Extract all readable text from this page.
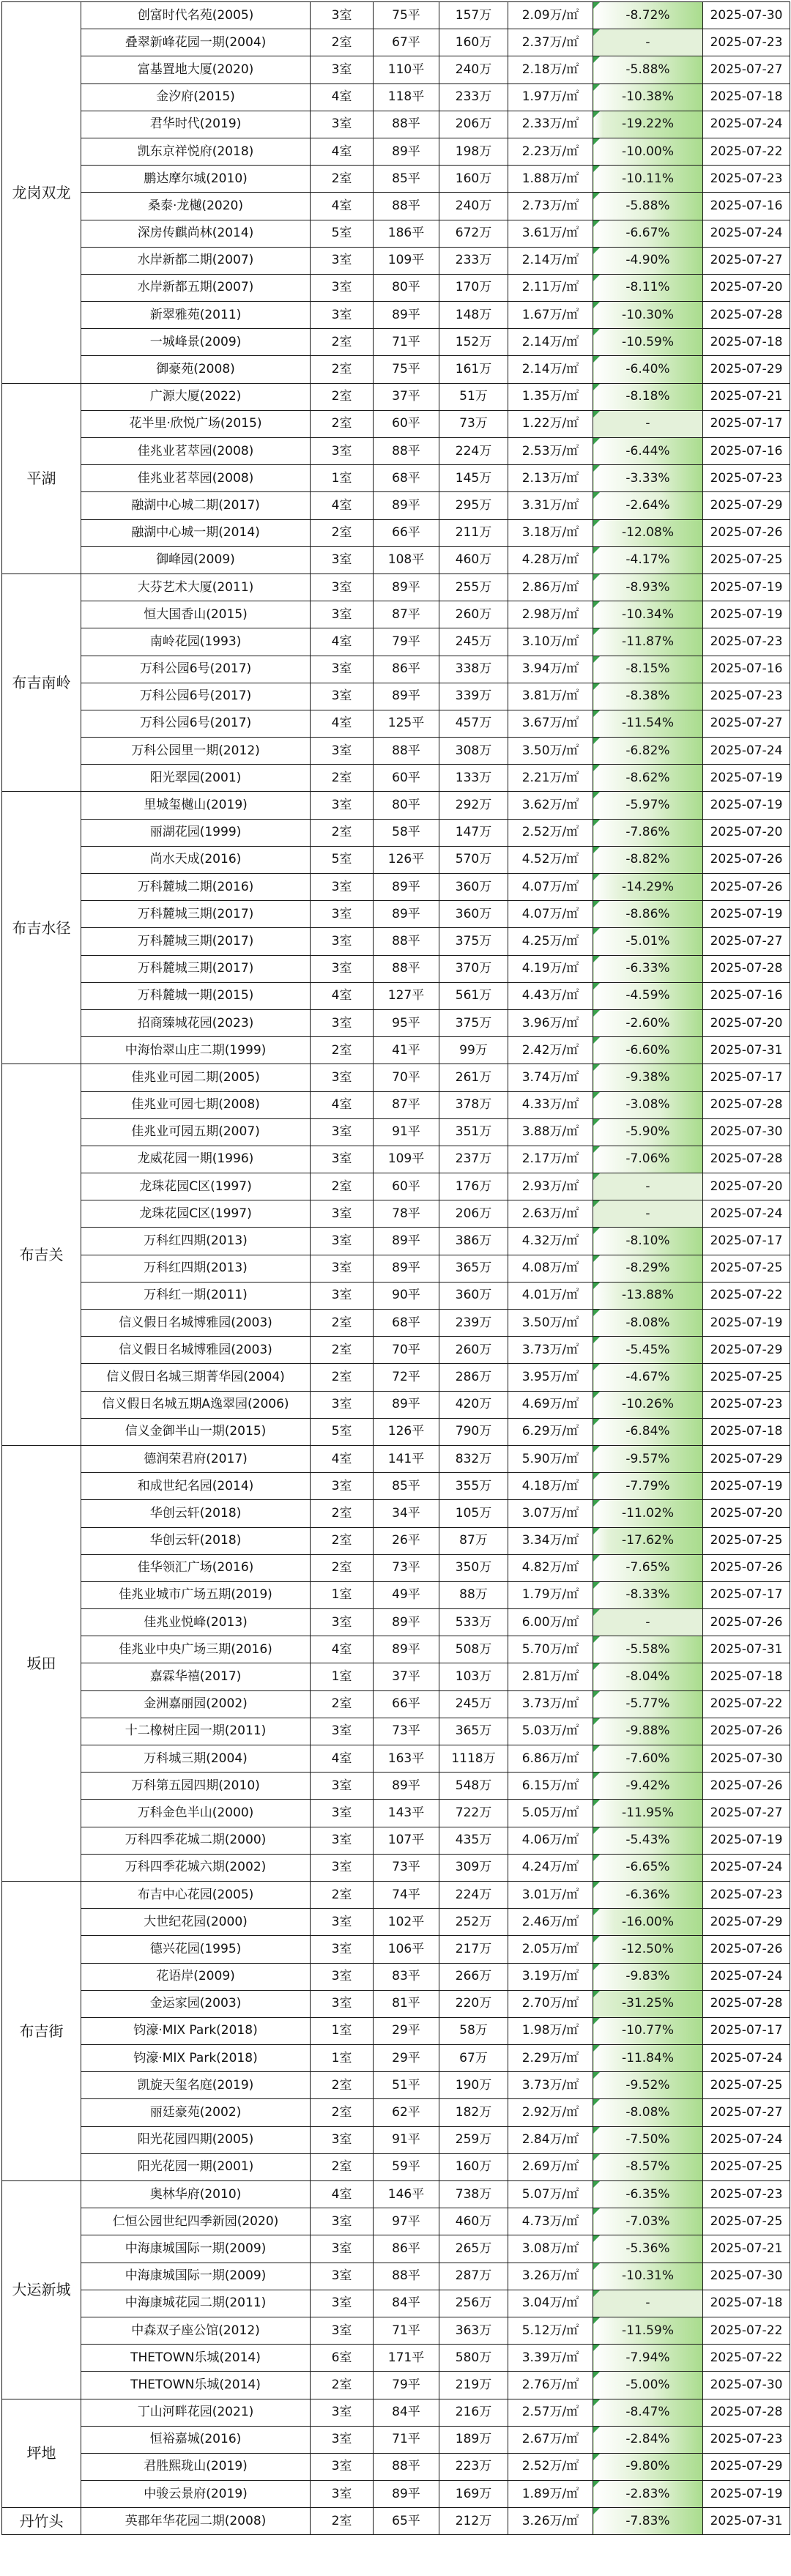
龙岗双龙	创富时代名苑(2005)	3室	75平	157万	2.09万/㎡	-8.72%	2025-07-30
	叠翠新峰花园一期(2004)	2室	67平	160万	2.37万/㎡	-	2025-07-23
	富基置地大厦(2020)	3室	110平	240万	2.18万/㎡	-5.88%	2025-07-27
	金汐府(2015)	4室	118平	233万	1.97万/㎡	-10.38%	2025-07-18
	君华时代(2019)	3室	88平	206万	2.33万/㎡	-19.22%	2025-07-24
	凯东京祥悦府(2018)	4室	89平	198万	2.23万/㎡	-10.00%	2025-07-22
	鹏达摩尔城(2010)	2室	85平	160万	1.88万/㎡	-10.11%	2025-07-23
	桑泰·龙樾(2020)	4室	88平	240万	2.73万/㎡	-5.88%	2025-07-16
	深房传麒尚林(2014)	5室	186平	672万	3.61万/㎡	-6.67%	2025-07-24
	水岸新都二期(2007)	3室	109平	233万	2.14万/㎡	-4.90%	2025-07-27
	水岸新都五期(2007)	3室	80平	170万	2.11万/㎡	-8.11%	2025-07-20
	新翠雅苑(2011)	3室	89平	148万	1.67万/㎡	-10.30%	2025-07-28
	一城峰景(2009)	2室	71平	152万	2.14万/㎡	-10.59%	2025-07-18
	御豪苑(2008)	2室	75平	161万	2.14万/㎡	-6.40%	2025-07-29
平湖	广源大厦(2022)	2室	37平	51万	1.35万/㎡	-8.18%	2025-07-21
	花半里·欣悦广场(2015)	2室	60平	73万	1.22万/㎡	-	2025-07-17
	佳兆业茗萃园(2008)	3室	88平	224万	2.53万/㎡	-6.44%	2025-07-16
	佳兆业茗萃园(2008)	1室	68平	145万	2.13万/㎡	-3.33%	2025-07-23
	融湖中心城二期(2017)	4室	89平	295万	3.31万/㎡	-2.64%	2025-07-29
	融湖中心城一期(2014)	2室	66平	211万	3.18万/㎡	-12.08%	2025-07-26
	御峰园(2009)	3室	108平	460万	4.28万/㎡	-4.17%	2025-07-25
布吉南岭	大芬艺术大厦(2011)	3室	89平	255万	2.86万/㎡	-8.93%	2025-07-19
	恒大国香山(2015)	3室	87平	260万	2.98万/㎡	-10.34%	2025-07-19
	南岭花园(1993)	4室	79平	245万	3.10万/㎡	-11.87%	2025-07-23
	万科公园6号(2017)	3室	86平	338万	3.94万/㎡	-8.15%	2025-07-16
	万科公园6号(2017)	3室	89平	339万	3.81万/㎡	-8.38%	2025-07-23
	万科公园6号(2017)	4室	125平	457万	3.67万/㎡	-11.54%	2025-07-27
	万科公园里一期(2012)	3室	88平	308万	3.50万/㎡	-6.82%	2025-07-24
	阳光翠园(2001)	2室	60平	133万	2.21万/㎡	-8.62%	2025-07-19
布吉水径	里城玺樾山(2019)	3室	80平	292万	3.62万/㎡	-5.97%	2025-07-19
	丽湖花园(1999)	2室	58平	147万	2.52万/㎡	-7.86%	2025-07-20
	尚水天成(2016)	5室	126平	570万	4.52万/㎡	-8.82%	2025-07-26
	万科麓城二期(2016)	3室	89平	360万	4.07万/㎡	-14.29%	2025-07-26
	万科麓城三期(2017)	3室	89平	360万	4.07万/㎡	-8.86%	2025-07-19
	万科麓城三期(2017)	3室	88平	375万	4.25万/㎡	-5.01%	2025-07-27
	万科麓城三期(2017)	3室	88平	370万	4.19万/㎡	-6.33%	2025-07-28
	万科麓城一期(2015)	4室	127平	561万	4.43万/㎡	-4.59%	2025-07-16
	招商臻城花园(2023)	3室	95平	375万	3.96万/㎡	-2.60%	2025-07-20
	中海怡翠山庄二期(1999)	2室	41平	99万	2.42万/㎡	-6.60%	2025-07-31
布吉关	佳兆业可园二期(2005)	3室	70平	261万	3.74万/㎡	-9.38%	2025-07-17
	佳兆业可园七期(2008)	4室	87平	378万	4.33万/㎡	-3.08%	2025-07-28
	佳兆业可园五期(2007)	3室	91平	351万	3.88万/㎡	-5.90%	2025-07-30
	龙威花园一期(1996)	3室	109平	237万	2.17万/㎡	-7.06%	2025-07-28
	龙珠花园C区(1997)	2室	60平	176万	2.93万/㎡	-	2025-07-20
	龙珠花园C区(1997)	3室	78平	206万	2.63万/㎡	-	2025-07-24
	万科红四期(2013)	3室	89平	386万	4.32万/㎡	-8.10%	2025-07-17
	万科红四期(2013)	3室	89平	365万	4.08万/㎡	-8.29%	2025-07-25
	万科红一期(2011)	3室	90平	360万	4.01万/㎡	-13.88%	2025-07-22
	信义假日名城博雅园(2003)	2室	68平	239万	3.50万/㎡	-8.08%	2025-07-19
	信义假日名城博雅园(2003)	2室	70平	260万	3.73万/㎡	-5.45%	2025-07-29
	信义假日名城三期菁华园(2004)	2室	72平	286万	3.95万/㎡	-4.67%	2025-07-25
	信义假日名城五期A逸翠园(2006)	3室	89平	420万	4.69万/㎡	-10.26%	2025-07-23
	信义金御半山一期(2015)	5室	126平	790万	6.29万/㎡	-6.84%	2025-07-18
坂田	德润荣君府(2017)	4室	141平	832万	5.90万/㎡	-9.57%	2025-07-29
	和成世纪名园(2014)	3室	85平	355万	4.18万/㎡	-7.79%	2025-07-19
	华创云轩(2018)	2室	34平	105万	3.07万/㎡	-11.02%	2025-07-20
	华创云轩(2018)	2室	26平	87万	3.34万/㎡	-17.62%	2025-07-25
	佳华领汇广场(2016)	2室	73平	350万	4.82万/㎡	-7.65%	2025-07-26
	佳兆业城市广场五期(2019)	1室	49平	88万	1.79万/㎡	-8.33%	2025-07-17
	佳兆业悦峰(2013)	3室	89平	533万	6.00万/㎡	-	2025-07-26
	佳兆业中央广场三期(2016)	4室	89平	508万	5.70万/㎡	-5.58%	2025-07-31
	嘉霖华禧(2017)	1室	37平	103万	2.81万/㎡	-8.04%	2025-07-18
	金洲嘉丽园(2002)	2室	66平	245万	3.73万/㎡	-5.77%	2025-07-22
	十二橡树庄园一期(2011)	3室	73平	365万	5.03万/㎡	-9.88%	2025-07-26
	万科城三期(2004)	4室	163平	1118万	6.86万/㎡	-7.60%	2025-07-30
	万科第五园四期(2010)	3室	89平	548万	6.15万/㎡	-9.42%	2025-07-26
	万科金色半山(2000)	3室	143平	722万	5.05万/㎡	-11.95%	2025-07-27
	万科四季花城二期(2000)	3室	107平	435万	4.06万/㎡	-5.43%	2025-07-19
	万科四季花城六期(2002)	3室	73平	309万	4.24万/㎡	-6.65%	2025-07-24
布吉街	布吉中心花园(2005)	2室	74平	224万	3.01万/㎡	-6.36%	2025-07-23
	大世纪花园(2000)	3室	102平	252万	2.46万/㎡	-16.00%	2025-07-29
	德兴花园(1995)	3室	106平	217万	2.05万/㎡	-12.50%	2025-07-26
	花语岸(2009)	3室	83平	266万	3.19万/㎡	-9.83%	2025-07-24
	金运家园(2003)	3室	81平	220万	2.70万/㎡	-31.25%	2025-07-28
	钧濠·MIX Park(2018)	1室	29平	58万	1.98万/㎡	-10.77%	2025-07-17
	钧濠·MIX Park(2018)	1室	29平	67万	2.29万/㎡	-11.84%	2025-07-24
	凯旋天玺名庭(2019)	2室	51平	190万	3.73万/㎡	-9.52%	2025-07-25
	丽廷豪苑(2002)	2室	62平	182万	2.92万/㎡	-8.08%	2025-07-27
	阳光花园四期(2005)	3室	91平	259万	2.84万/㎡	-7.50%	2025-07-24
	阳光花园一期(2001)	2室	59平	160万	2.69万/㎡	-8.57%	2025-07-25
大运新城	奥林华府(2010)	4室	146平	738万	5.07万/㎡	-6.35%	2025-07-23
	仁恒公园世纪四季新园(2020)	3室	97平	460万	4.73万/㎡	-7.03%	2025-07-25
	中海康城国际一期(2009)	3室	86平	265万	3.08万/㎡	-5.36%	2025-07-21
	中海康城国际一期(2009)	3室	88平	287万	3.26万/㎡	-10.31%	2025-07-30
	中海康城花园二期(2011)	3室	84平	256万	3.04万/㎡	-	2025-07-18
	中森双子座公馆(2012)	3室	71平	363万	5.12万/㎡	-11.59%	2025-07-22
	THETOWN乐城(2014)	6室	171平	580万	3.39万/㎡	-7.94%	2025-07-22
	THETOWN乐城(2014)	2室	79平	219万	2.76万/㎡	-5.00%	2025-07-30
坪地	丁山河畔花园(2021)	3室	84平	216万	2.57万/㎡	-8.47%	2025-07-28
	恒裕嘉城(2016)	3室	71平	189万	2.67万/㎡	-2.84%	2025-07-23
	君胜熙珑山(2019)	3室	88平	223万	2.52万/㎡	-9.80%	2025-07-29
	中骏云景府(2019)	3室	89平	169万	1.89万/㎡	-2.83%	2025-07-19
丹竹头	英郡年华花园二期(2008)	2室	65平	212万	3.26万/㎡	-7.83%	2025-07-31
